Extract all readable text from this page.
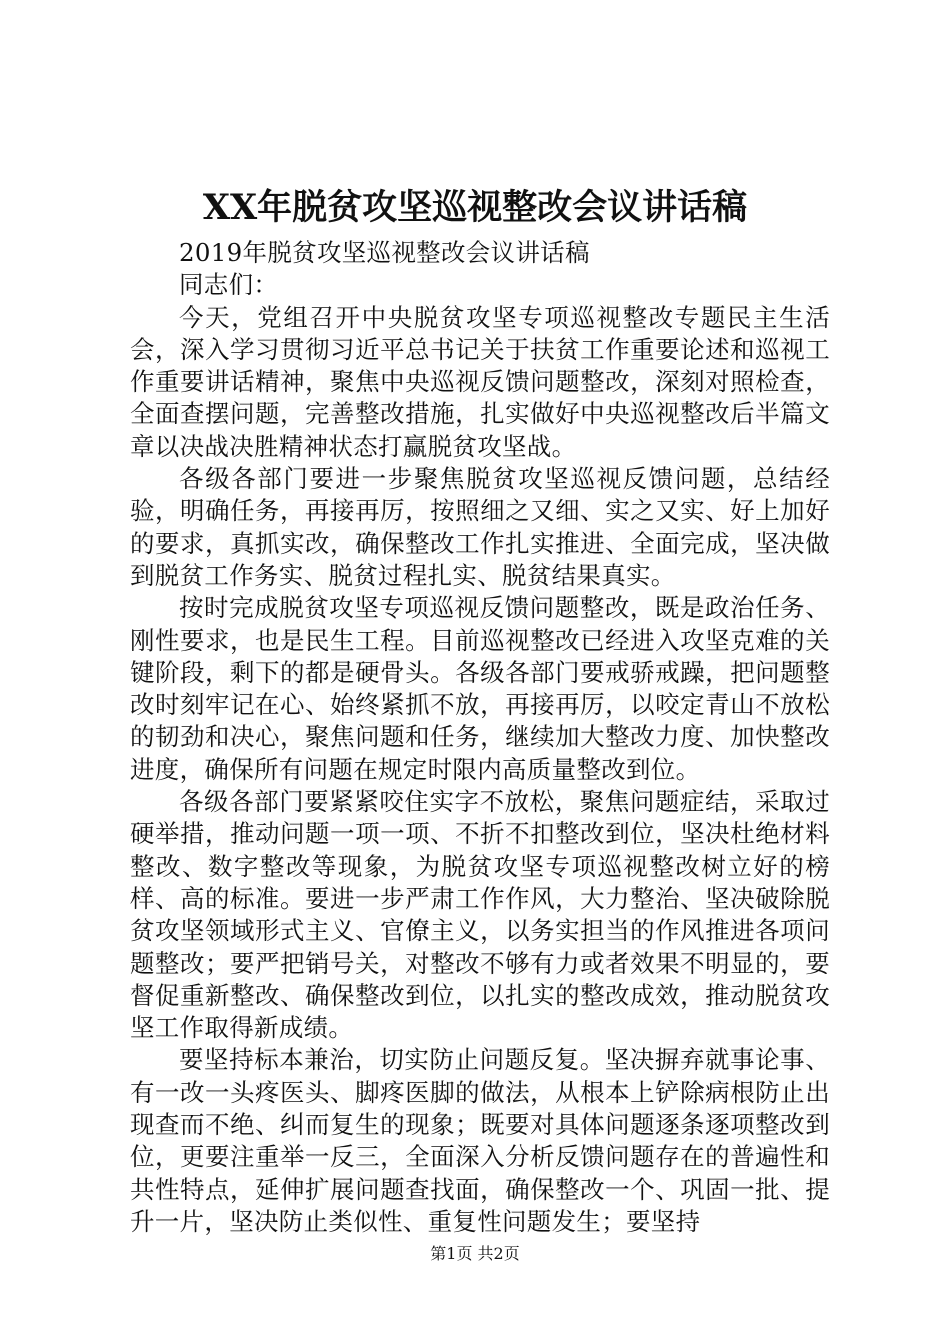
XX年脱贫攻坚巡视整改会议讲话稿

2019年脱贫攻坚巡视整改会议讲话稿

同志们：

今天，党组召开中央脱贫攻坚专项巡视整改专题民主生活会，深入学习贯彻习近平总书记关于扶贫工作重要论述和巡视工作重要讲话精神，聚焦中央巡视反馈问题整改，深刻对照检查，全面查摆问题，完善整改措施，扎实做好中央巡视整改后半篇文章以决战决胜精神状态打赢脱贫攻坚战。

各级各部门要进一步聚焦脱贫攻坚巡视反馈问题，总结经验，明确任务，再接再厉，按照细之又细、实之又实、好上加好的要求，真抓实改，确保整改工作扎实推进、全面完成，坚决做到脱贫工作务实、脱贫过程扎实、脱贫结果真实。

按时完成脱贫攻坚专项巡视反馈问题整改，既是政治任务、刚性要求，也是民生工程。目前巡视整改已经进入攻坚克难的关键阶段，剩下的都是硬骨头。各级各部门要戒骄戒躁，把问题整改时刻牢记在心、始终紧抓不放，再接再厉，以咬定青山不放松的韧劲和决心，聚焦问题和任务，继续加大整改力度、加快整改进度，确保所有问题在规定时限内高质量整改到位。

各级各部门要紧紧咬住实字不放松，聚焦问题症结，采取过硬举措，推动问题一项一项、不折不扣整改到位，坚决杜绝材料整改、数字整改等现象，为脱贫攻坚专项巡视整改树立好的榜样、高的标准。要进一步严肃工作作风，大力整治、坚决破除脱贫攻坚领域形式主义、官僚主义，以务实担当的作风推进各项问题整改；要严把销号关，对整改不够有力或者效果不明显的，要督促重新整改、确保整改到位，以扎实的整改成效，推动脱贫攻坚工作取得新成绩。

要坚持标本兼治，切实防止问题反复。坚决摒弃就事论事、有一改一头疼医头、脚疼医脚的做法，从根本上铲除病根防止出现查而不绝、纠而复生的现象；既要对具体问题逐条逐项整改到位，更要注重举一反三，全面深入分析反馈问题存在的普遍性和共性特点，延伸扩展问题查找面，确保整改一个、巩固一批、提升一片，坚决防止类似性、重复性问题发生；要坚持

第1页 共2页
